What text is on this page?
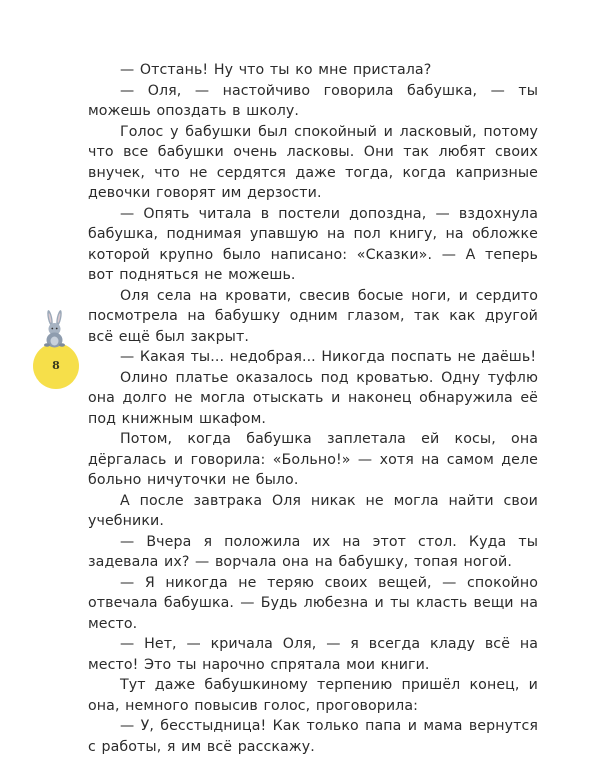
8

— Отстань! Ну что ты ко мне пристала?

— Оля, — настойчиво говорила бабушка, — ты можешь опоздать в школу.

Голос у бабушки был спокойный и ласковый, потому что все бабушки очень ласковы. Они так любят своих внучек, что не сердятся даже тогда, когда капризные девочки говорят им дерзости.

— Опять читала в постели допоздна, — вздохнула бабушка, поднимая упавшую на пол книгу, на обложке которой крупно было написано: «Сказки». — А теперь вот подняться не можешь.

Оля села на кровати, свесив босые ноги, и сердито посмотрела на бабушку одним глазом, так как другой всё ещё был закрыт.

— Какая ты... недобрая... Никогда поспать не даёшь!

Олино платье оказалось под кроватью. Одну туфлю она долго не могла отыскать и наконец обнаружила её под книжным шкафом.

Потом, когда бабушка заплетала ей косы, она дёргалась и говорила: «Больно!» — хотя на самом деле больно ничуточки не было.

А после завтрака Оля никак не могла найти свои учебники.

— Вчера я положила их на этот стол. Куда ты задевала их? — ворчала она на бабушку, топая ногой.

— Я никогда не теряю своих вещей, — спокойно отвечала бабушка. — Будь любезна и ты класть вещи на место.

— Нет, — кричала Оля, — я всегда кладу всё на место! Это ты нарочно спрятала мои книги.

Тут даже бабушкиному терпению пришёл конец, и она, немного повысив голос, проговорила:

— У, бесстыдница! Как только папа и мама вернутся с работы, я им всё расскажу.
